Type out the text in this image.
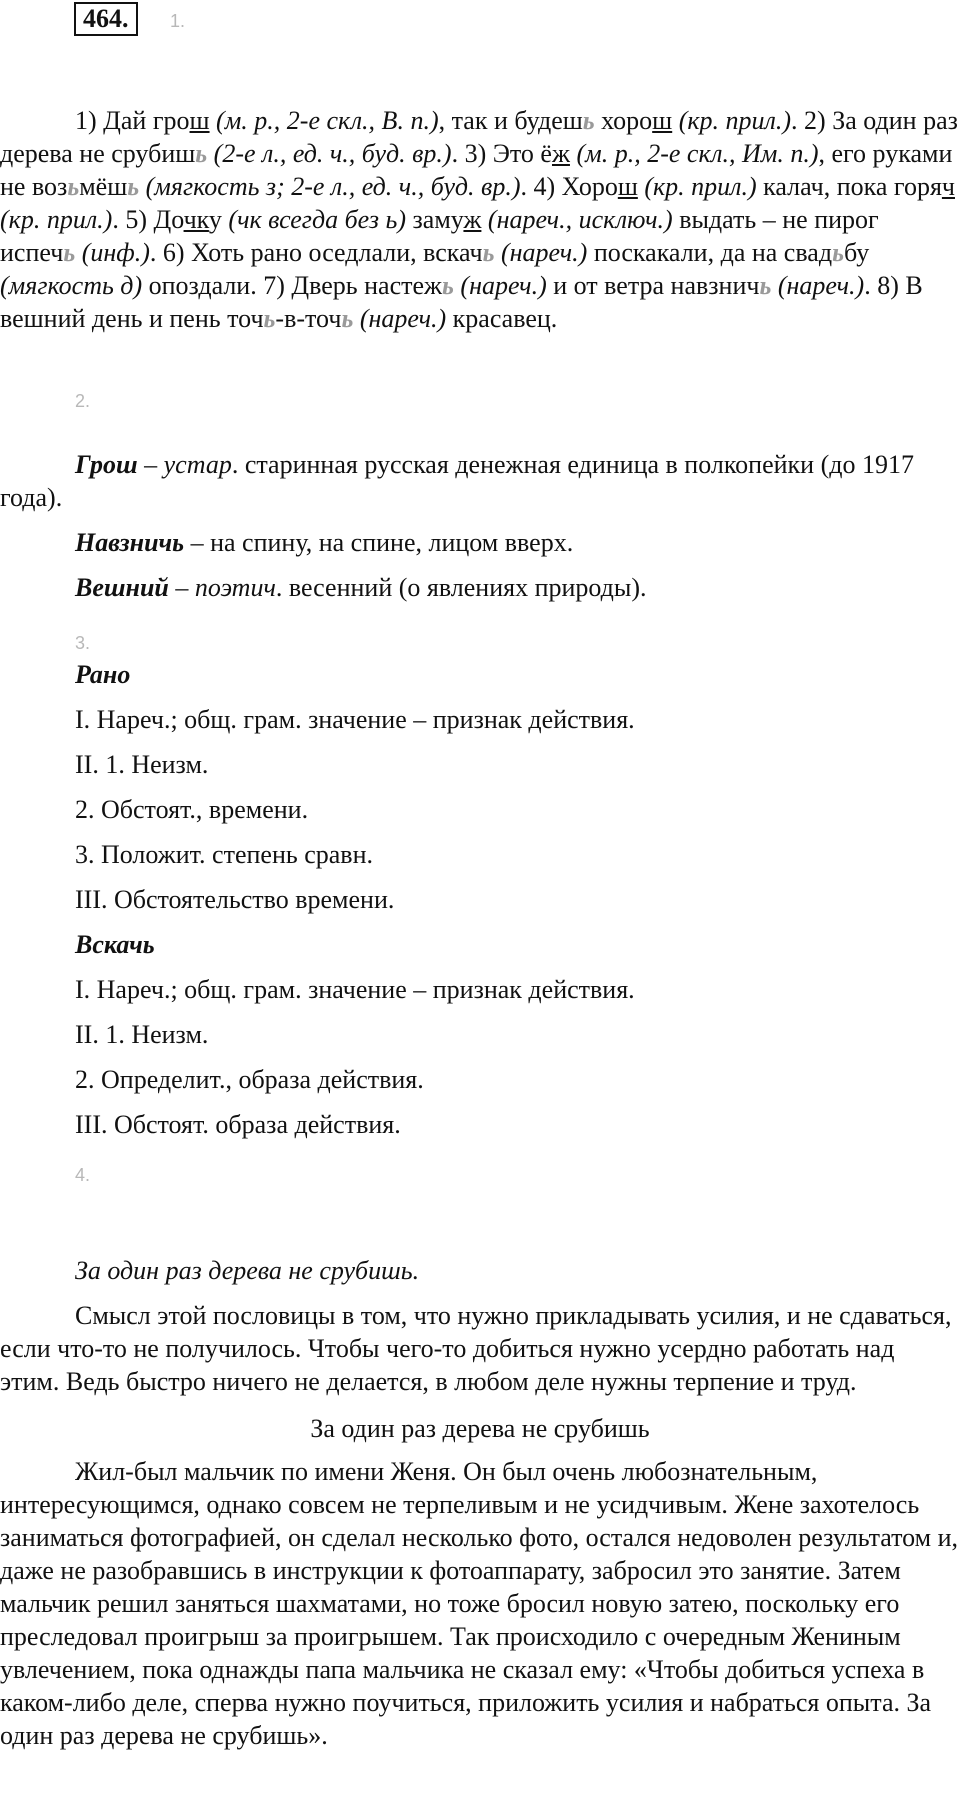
464. 1.

1) Дай грош (м. р., 2-е скл., В. п.), так и будешь хорош (кр. прил.). 2) За один раз дерева не срубишь (2-е л., ед. ч., буд. вр.). 3) Это ёж (м. р., 2-е скл., Им. п.), его руками не возьмёшь (мягкость з; 2-е л., ед. ч., буд. вр.). 4) Хорош (кр. прил.) калач, пока горяч (кр. прил.). 5) Дочку (чк всегда без ь) замуж (нареч., исключ.) выдать – не пирог испечь (инф.). 6) Хоть рано оседлали, вскачь (нареч.) поскакали, да на свадьбу (мягкость д) опоздали. 7) Дверь настежь (нареч.) и от ветра навзничь (нареч.). 8) В вешний день и пень точь-в-точь (нареч.) красавец.

2.

Грош – устар. старинная русская денежная единица в полкопейки (до 1917 года).

Навзничь – на спину, на спине, лицом вверх.

Вешний – поэтич. весенний (о явлениях природы).

3.

Рано

I. Нареч.; общ. грам. значение – признак действия.

II. 1. Неизм.

2. Обстоят., времени.

3. Положит. степень сравн.

III. Обстоятельство времени.

Вскачь

I. Нареч.; общ. грам. значение – признак действия.

II. 1. Неизм.

2. Определит., образа действия.

III. Обстоят. образа действия.

4.

За один раз дерева не срубишь.

Смысл этой пословицы в том, что нужно прикладывать усилия, и не сдаваться, если что-то не получилось. Чтобы чего-то добиться нужно усердно работать над этим. Ведь быстро ничего не делается, в любом деле нужны терпение и труд.

За один раз дерева не срубишь

Жил-был мальчик по имени Женя. Он был очень любознательным, интересующимся, однако совсем не терпеливым и не усидчивым. Жене захотелось заниматься фотографией, он сделал несколько фото, остался недоволен результатом и, даже не разобравшись в инструкции к фотоаппарату, забросил это занятие. Затем мальчик решил заняться шахматами, но тоже бросил новую затею, поскольку его преследовал проигрыш за проигрышем. Так происходило с очередным Жениным увлечением, пока однажды папа мальчика не сказал ему: «Чтобы добиться успеха в каком-либо деле, сперва нужно поучиться, приложить усилия и набраться опыта. За один раз дерева не срубишь».
